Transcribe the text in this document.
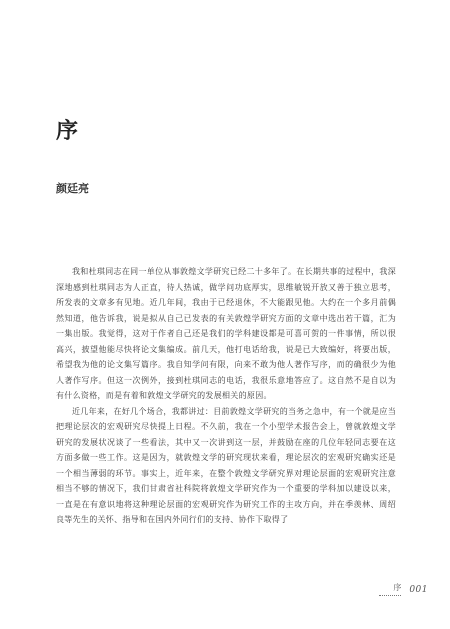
序
颜廷亮

我和杜琪同志在同一单位从事敦煌文学研究已经二十多年了。在长期共事的过程中，我深深地感到杜琪同志为人正直，待人热诚，做学问功底厚实，思维敏锐开放又善于独立思考，所发表的文章多有见地。近几年间，我由于已经退休，不大能跟见他。大约在一个多月前偶然知道，他告诉我，说是拟从自己已发表的有关敦煌学研究方面的文章中选出若干篇，汇为一集出版。我觉得，这对于作者自己还是我们的学科建设都是可喜可贺的一件事情，所以很高兴，披望他能尽快将论文集编成。前几天，他打电话给我，说是已大致编好，将要出版，希望我为他的论文集写篇序。我自知学问有限，向来不敢为他人著作写序，而的确很少为他人著作写序。但这一次例外，接到杜琪同志的电话，我很乐意地答应了。这自然不是自以为有什么资格，而是有着和敦煌文学研究的发展相关的原因。

近几年来，在好几个场合，我都讲过：目前敦煌文学研究的当务之急中，有一个就是应当把理论层次的宏观研究尽快提上日程。不久前，我在一个小型学术报告会上，曾就敦煌文学研究的发展状况谈了一些看法，其中又一次讲到这一层，并鼓励在座的几位年轻同志要在这方面多做一些工作。这是因为，就敦煌文学的研究现状来看，理论层次的宏观研究确实还是一个相当薄弱的环节。事实上，近年来，在整个敦煌文学研究界对理论层面的宏观研究注意相当不够的情况下，我们甘肃省社科院将敦煌文学研究作为一个重要的学科加以建设以来，一直是在有意识地将这种理论层面的宏观研究作为研究工作的主攻方向，并在季羡林、周绍良等先生的关怀、指导和在国内外同行们的支持、协作下取得了

序 001
